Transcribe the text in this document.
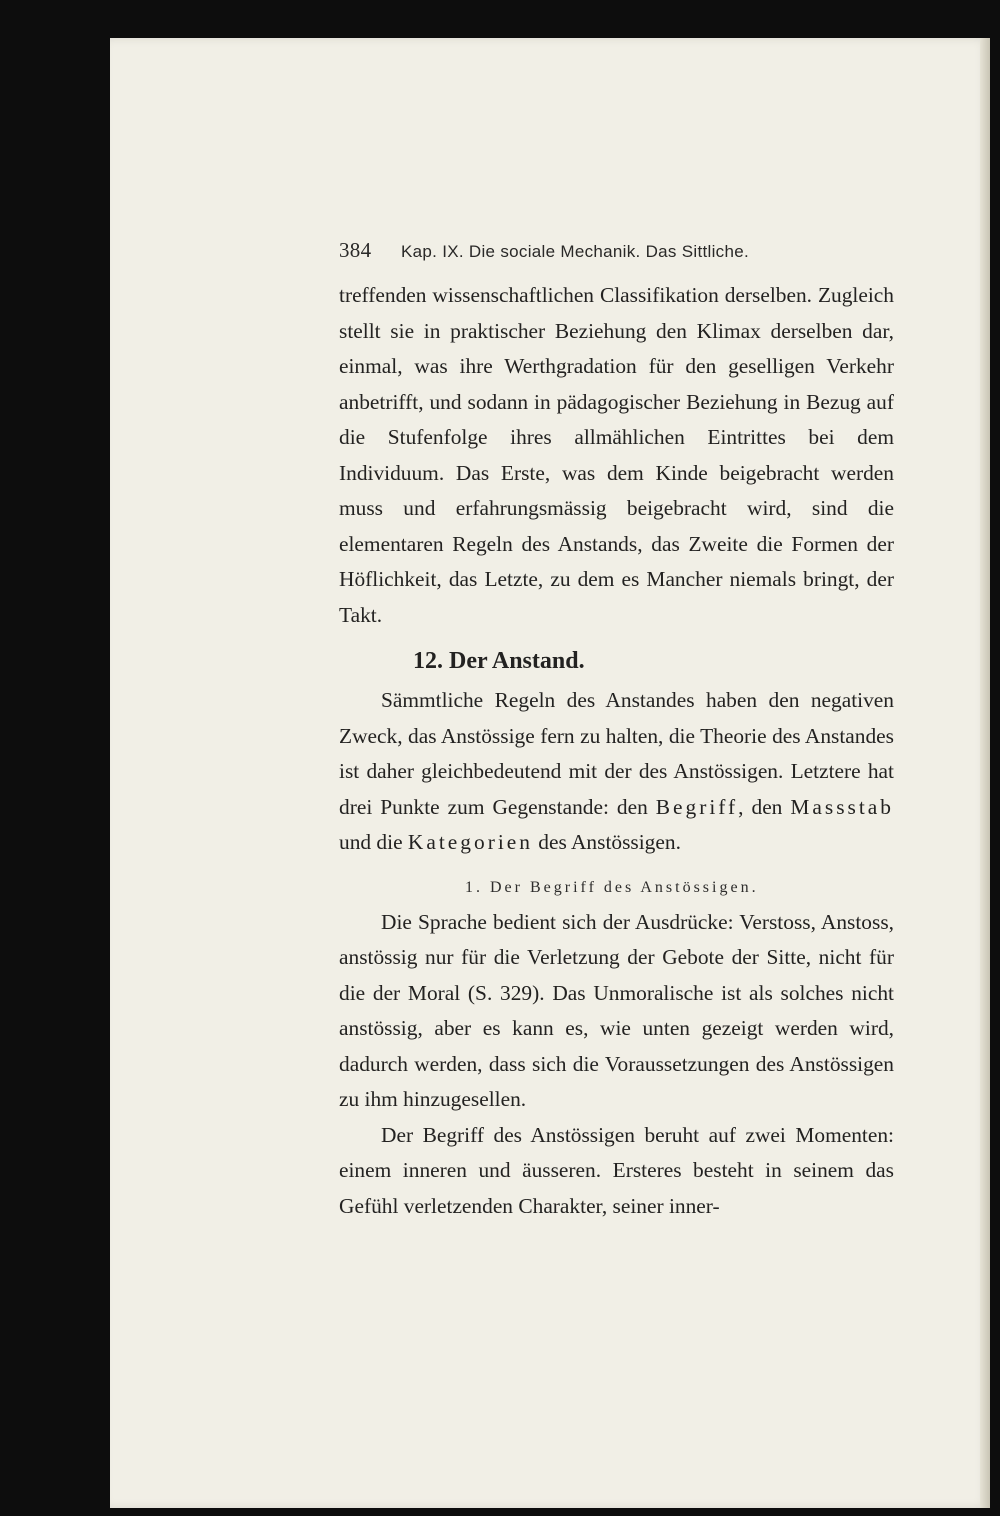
384	Kap. IX. Die sociale Mechanik. Das Sittliche.

treffenden wissenschaftlichen Classifikation derselben. Zugleich stellt sie in praktischer Beziehung den Klimax derselben dar, einmal, was ihre Werthgradation für den geselligen Verkehr anbetrifft, und sodann in pädagogischer Beziehung in Bezug auf die Stufenfolge ihres allmählichen Eintrittes bei dem Individuum. Das Erste, was dem Kinde beigebracht werden muss und erfahrungsmässig beigebracht wird, sind die elementaren Regeln des Anstands, das Zweite die Formen der Höflichkeit, das Letzte, zu dem es Mancher niemals bringt, der Takt.

12. Der Anstand.

Sämmtliche Regeln des Anstandes haben den negativen Zweck, das Anstössige fern zu halten, die Theorie des Anstandes ist daher gleichbedeutend mit der des Anstössigen. Letztere hat drei Punkte zum Gegenstande: den Begriff, den Massstab und die Kategorien des Anstössigen.

1. Der Begriff des Anstössigen.

Die Sprache bedient sich der Ausdrücke: Verstoss, Anstoss, anstössig nur für die Verletzung der Gebote der Sitte, nicht für die der Moral (S. 329). Das Unmoralische ist als solches nicht anstössig, aber es kann es, wie unten gezeigt werden wird, dadurch werden, dass sich die Voraussetzungen des Anstössigen zu ihm hinzugesellen.

Der Begriff des Anstössigen beruht auf zwei Momenten: einem inneren und äusseren. Ersteres besteht in seinem das Gefühl verletzenden Charakter, seiner inner-
